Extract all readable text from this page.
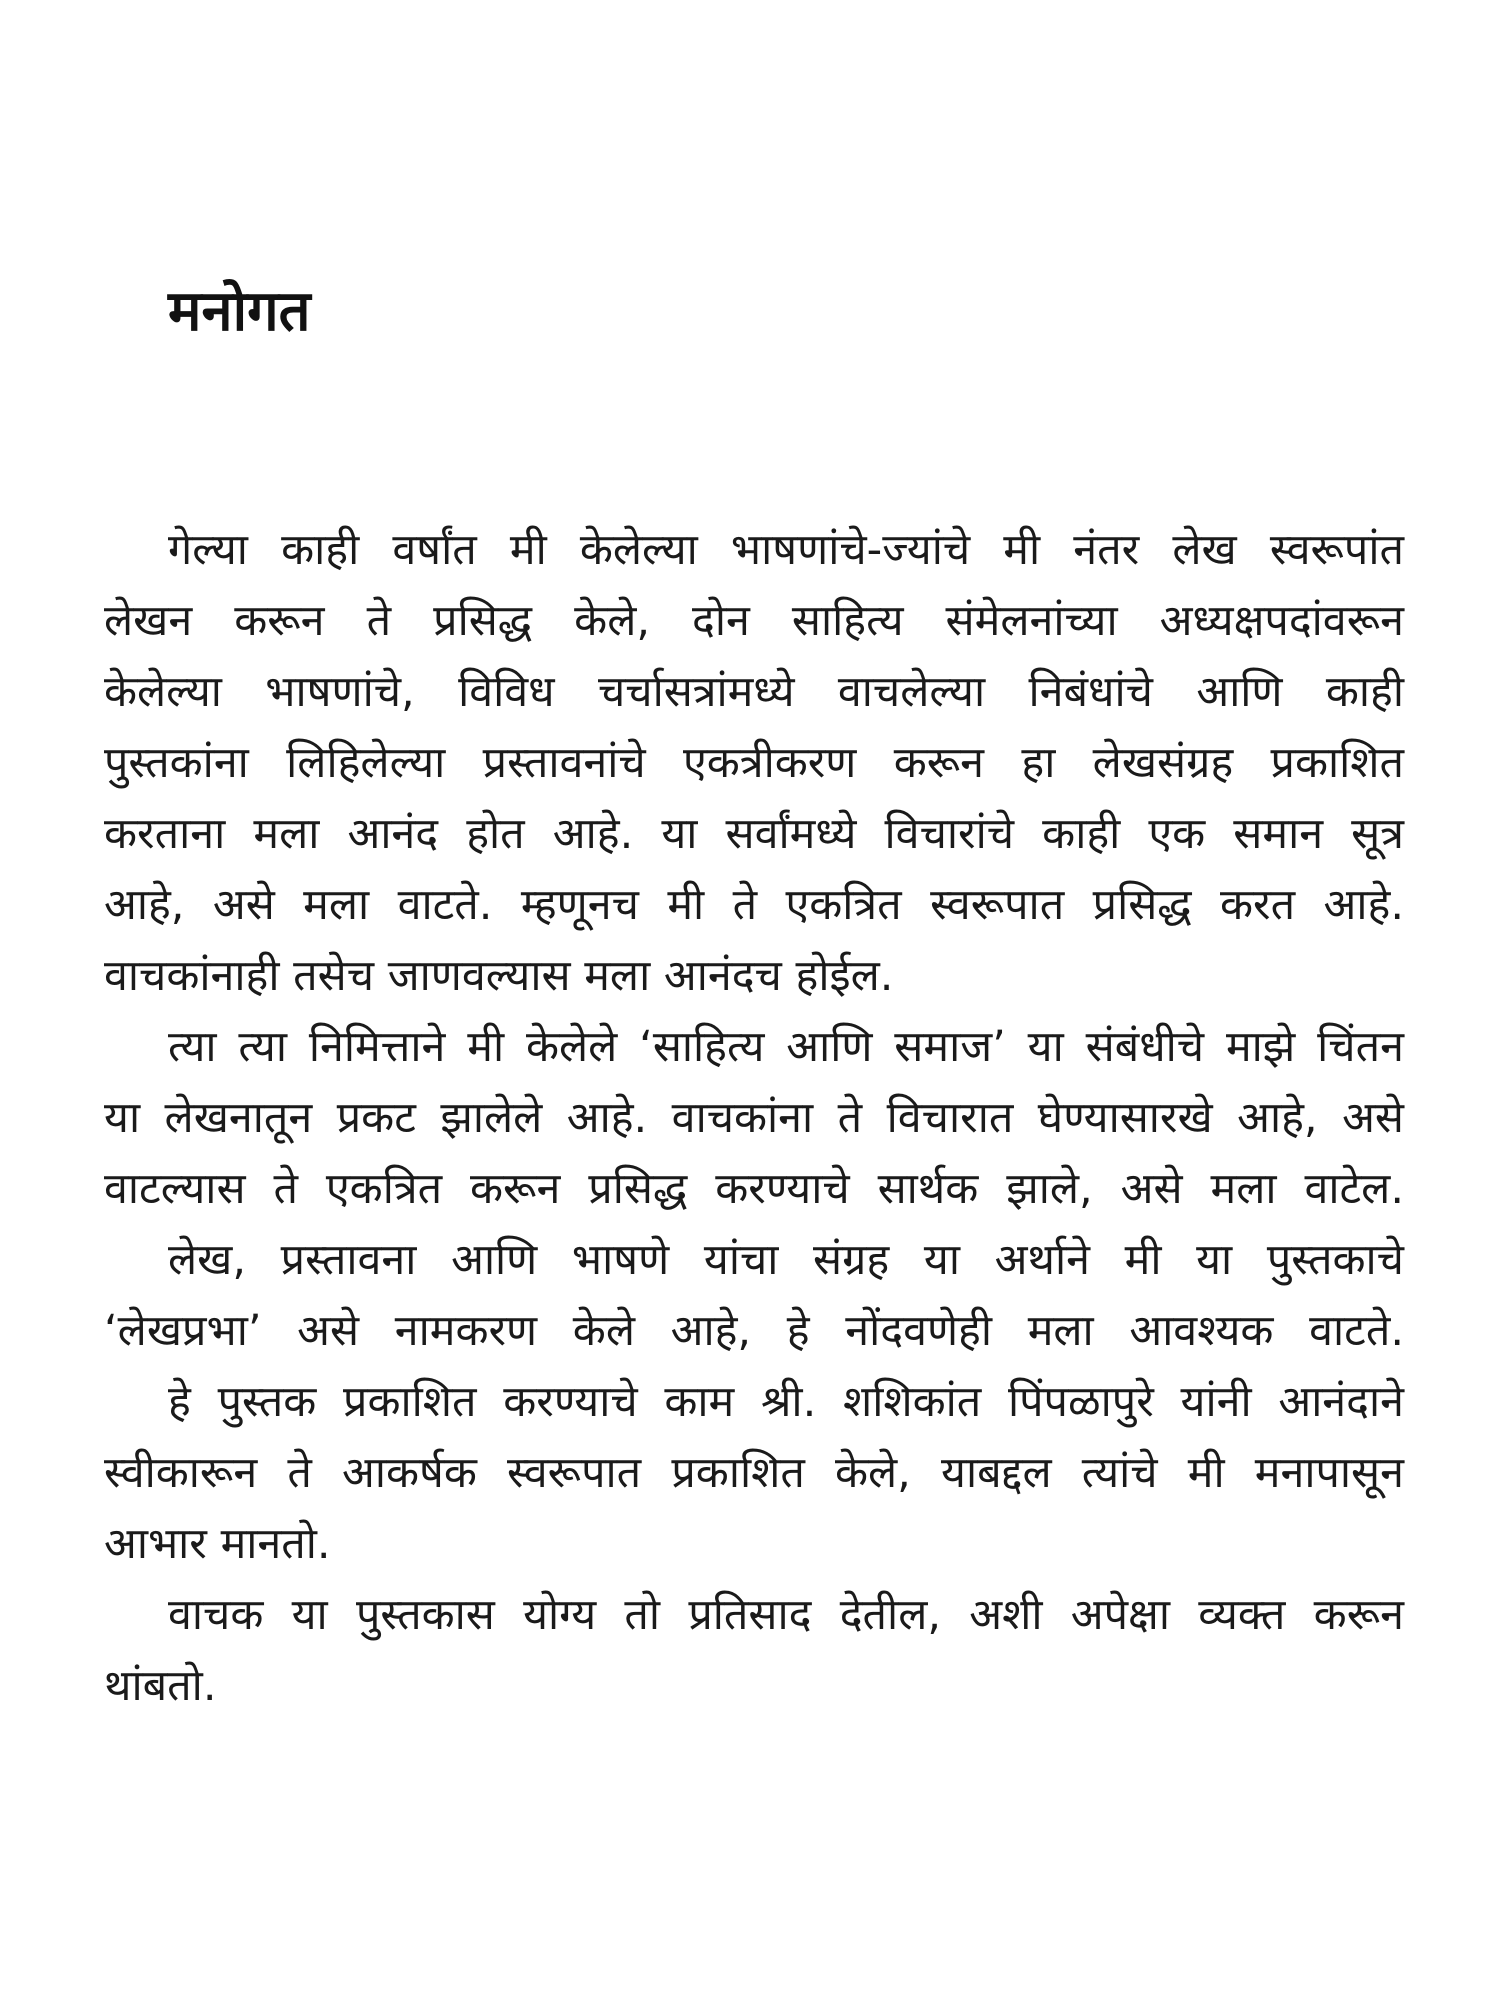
मनोगत
गेल्या काही वर्षांत मी केलेल्या भाषणांचे-ज्यांचे मी नंतर लेख स्वरूपांत
लेखन करून ते प्रसिद्ध केले, दोन साहित्य संमेलनांच्या अध्यक्षपदांवरून
केलेल्या भाषणांचे, विविध चर्चासत्रांमध्ये वाचलेल्या निबंधांचे आणि काही
पुस्तकांना लिहिलेल्या प्रस्तावनांचे एकत्रीकरण करून हा लेखसंग्रह प्रकाशित
करताना मला आनंद होत आहे. या सर्वांमध्ये विचारांचे काही एक समान सूत्र
आहे, असे मला वाटते. म्हणूनच मी ते एकत्रित स्वरूपात प्रसिद्ध करत आहे.
वाचकांनाही तसेच जाणवल्यास मला आनंदच होईल.
त्या त्या निमित्ताने मी केलेले ‘साहित्य आणि समाज’ या संबंधीचे माझे चिंतन
या लेखनातून प्रकट झालेले आहे. वाचकांना ते विचारात घेण्यासारखे आहे, असे
वाटल्यास ते एकत्रित करून प्रसिद्ध करण्याचे सार्थक झाले, असे मला वाटेल.
लेख, प्रस्तावना आणि भाषणे यांचा संग्रह या अर्थाने मी या पुस्तकाचे
‘लेखप्रभा’ असे नामकरण केले आहे, हे नोंदवणेही मला आवश्यक वाटते.
हे पुस्तक प्रकाशित करण्याचे काम श्री. शशिकांत पिंपळापुरे यांनी आनंदाने
स्वीकारून ते आकर्षक स्वरूपात प्रकाशित केले, याबद्दल त्यांचे मी मनापासून
आभार मानतो.
वाचक या पुस्तकास योग्य तो प्रतिसाद देतील, अशी अपेक्षा व्यक्त करून
थांबतो.
